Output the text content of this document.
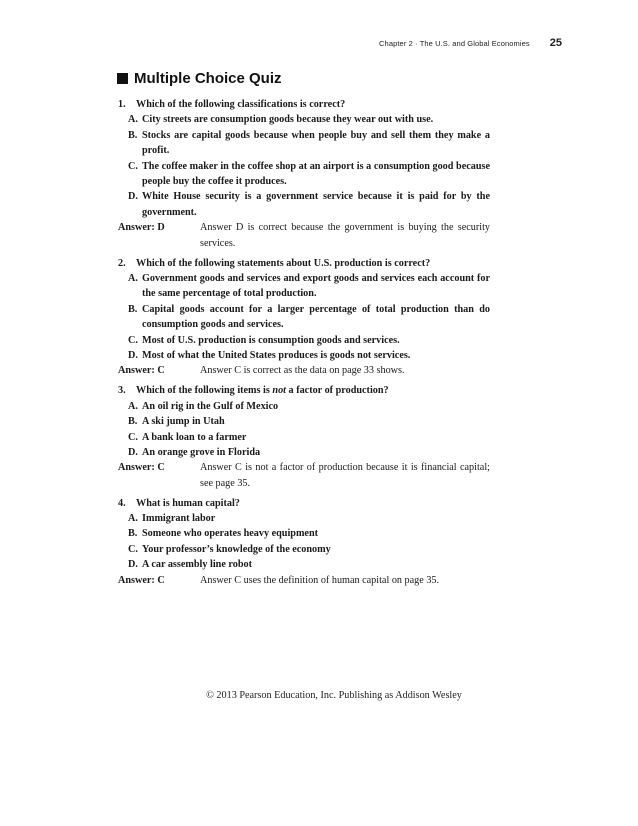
Chapter 2 · The U.S. and Global Economies 25
Multiple Choice Quiz
1.	Which of the following classifications is correct?
A. City streets are consumption goods because they wear out with use.
B. Stocks are capital goods because when people buy and sell them they make a profit.
C. The coffee maker in the coffee shop at an airport is a consumption good because people buy the coffee it produces.
D. White House security is a government service because it is paid for by the government.
Answer: D	Answer D is correct because the government is buying the security services.
2.	Which of the following statements about U.S. production is correct?
A. Government goods and services and export goods and services each account for the same percentage of total production.
B. Capital goods account for a larger percentage of total production than do consumption goods and services.
C. Most of U.S. production is consumption goods and services.
D. Most of what the United States produces is goods not services.
Answer: C	Answer C is correct as the data on page 33 shows.
3.	Which of the following items is not a factor of production?
A. An oil rig in the Gulf of Mexico
B. A ski jump in Utah
C. A bank loan to a farmer
D. An orange grove in Florida
Answer: C	Answer C is not a factor of production because it is financial capital; see page 35.
4.	What is human capital?
A. Immigrant labor
B. Someone who operates heavy equipment
C. Your professor’s knowledge of the economy
D. A car assembly line robot
Answer: C	Answer C uses the definition of human capital on page 35.
© 2013 Pearson Education, Inc. Publishing as Addison Wesley
